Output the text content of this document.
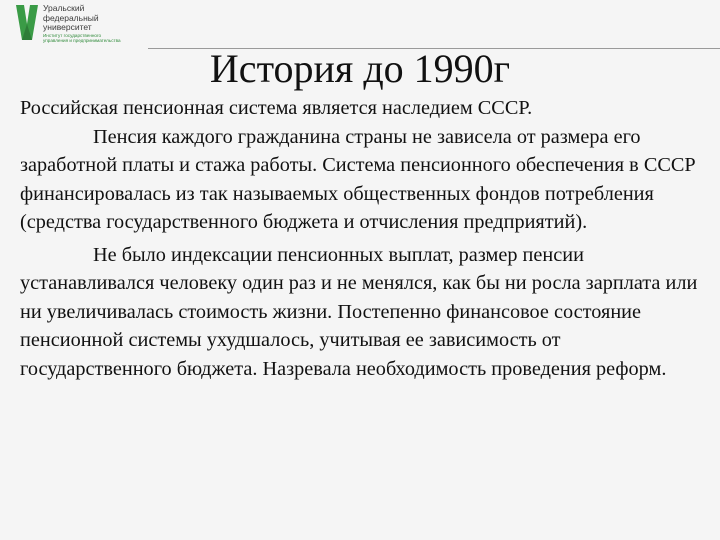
Уральский
федеральный
университет
Институт государственного
управления и предпринимательства
История до 1990г

Российская пенсионная система является наследием СССР.

Пенсия каждого гражданина страны не зависела от размера его заработной платы и стажа работы. Система пенсионного обеспечения в СССР финансировалась из так называемых общественных фондов потребления (средства государственного бюджета и отчисления предприятий).

Не было индексации пенсионных выплат, размер пенсии устанавливался человеку один раз и не менялся, как бы ни росла зарплата или ни увеличивалась стоимость жизни. Постепенно финансовое состояние пенсионной системы ухудшалось, учитывая ее зависимость от государственного бюджета. Назревала необходимость проведения реформ.
